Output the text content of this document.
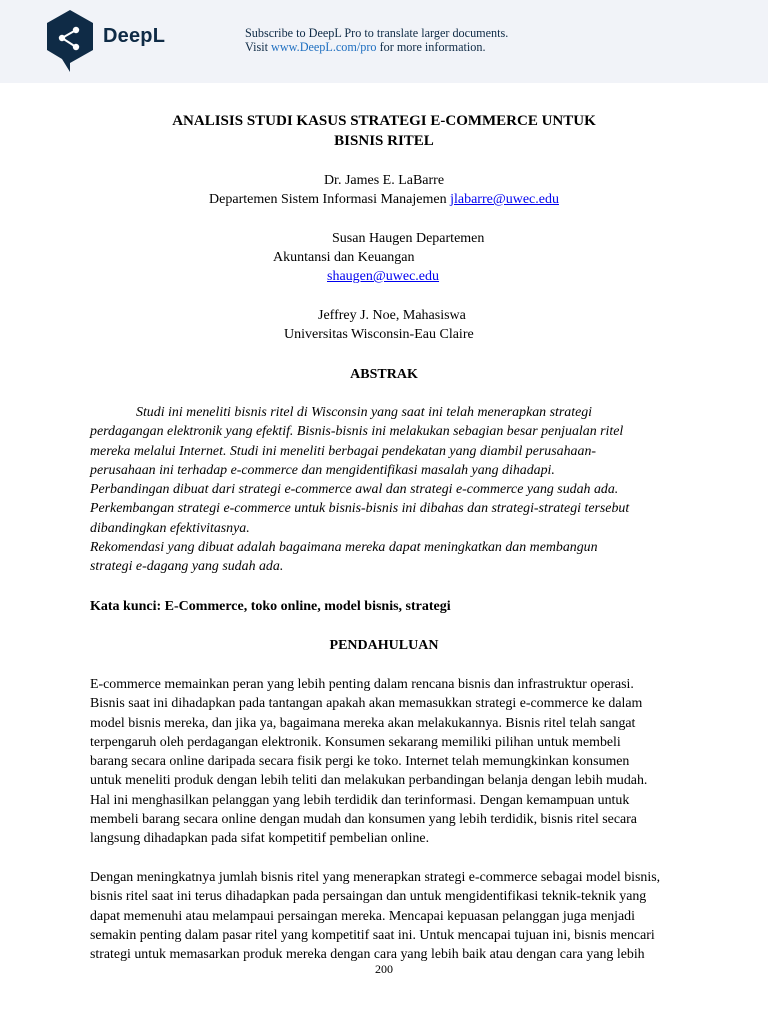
DeepL	Subscribe to DeepL Pro to translate larger documents.
Visit www.DeepL.com/pro for more information.
ANALISIS STUDI KASUS STRATEGI E-COMMERCE UNTUK
BISNIS RITEL
Dr. James E. LaBarre
Departemen Sistem Informasi Manajemen jlabarre@uwec.edu
Susan Haugen Departemen
Akuntansi dan Keuangan
shaugen@uwec.edu
Jeffrey J. Noe, Mahasiswa
Universitas Wisconsin-Eau Claire
ABSTRAK
Studi ini meneliti bisnis ritel di Wisconsin yang saat ini telah menerapkan strategi
perdagangan elektronik yang efektif. Bisnis-bisnis ini melakukan sebagian besar penjualan ritel
mereka melalui Internet. Studi ini meneliti berbagai pendekatan yang diambil perusahaan-
perusahaan ini terhadap e-commerce dan mengidentifikasi masalah yang dihadapi.
Perbandingan dibuat dari strategi e-commerce awal dan strategi e-commerce yang sudah ada.
Perkembangan strategi e-commerce untuk bisnis-bisnis ini dibahas dan strategi-strategi tersebut
dibandingkan efektivitasnya.
Rekomendasi yang dibuat adalah bagaimana mereka dapat meningkatkan dan membangun
strategi e-dagang yang sudah ada.
Kata kunci: E-Commerce, toko online, model bisnis, strategi
PENDAHULUAN
E-commerce memainkan peran yang lebih penting dalam rencana bisnis dan infrastruktur operasi.
Bisnis saat ini dihadapkan pada tantangan apakah akan memasukkan strategi e-commerce ke dalam
model bisnis mereka, dan jika ya, bagaimana mereka akan melakukannya. Bisnis ritel telah sangat
terpengaruh oleh perdagangan elektronik. Konsumen sekarang memiliki pilihan untuk membeli
barang secara online daripada secara fisik pergi ke toko. Internet telah memungkinkan konsumen
untuk meneliti produk dengan lebih teliti dan melakukan perbandingan belanja dengan lebih mudah.
Hal ini menghasilkan pelanggan yang lebih terdidik dan terinformasi. Dengan kemampuan untuk
membeli barang secara online dengan mudah dan konsumen yang lebih terdidik, bisnis ritel secara
langsung dihadapkan pada sifat kompetitif pembelian online.
Dengan meningkatnya jumlah bisnis ritel yang menerapkan strategi e-commerce sebagai model bisnis,
bisnis ritel saat ini terus dihadapkan pada persaingan dan untuk mengidentifikasi teknik-teknik yang
dapat memenuhi atau melampaui persaingan mereka. Mencapai kepuasan pelanggan juga menjadi
semakin penting dalam pasar ritel yang kompetitif saat ini. Untuk mencapai tujuan ini, bisnis mencari
strategi untuk memasarkan produk mereka dengan cara yang lebih baik atau dengan cara yang lebih
200
